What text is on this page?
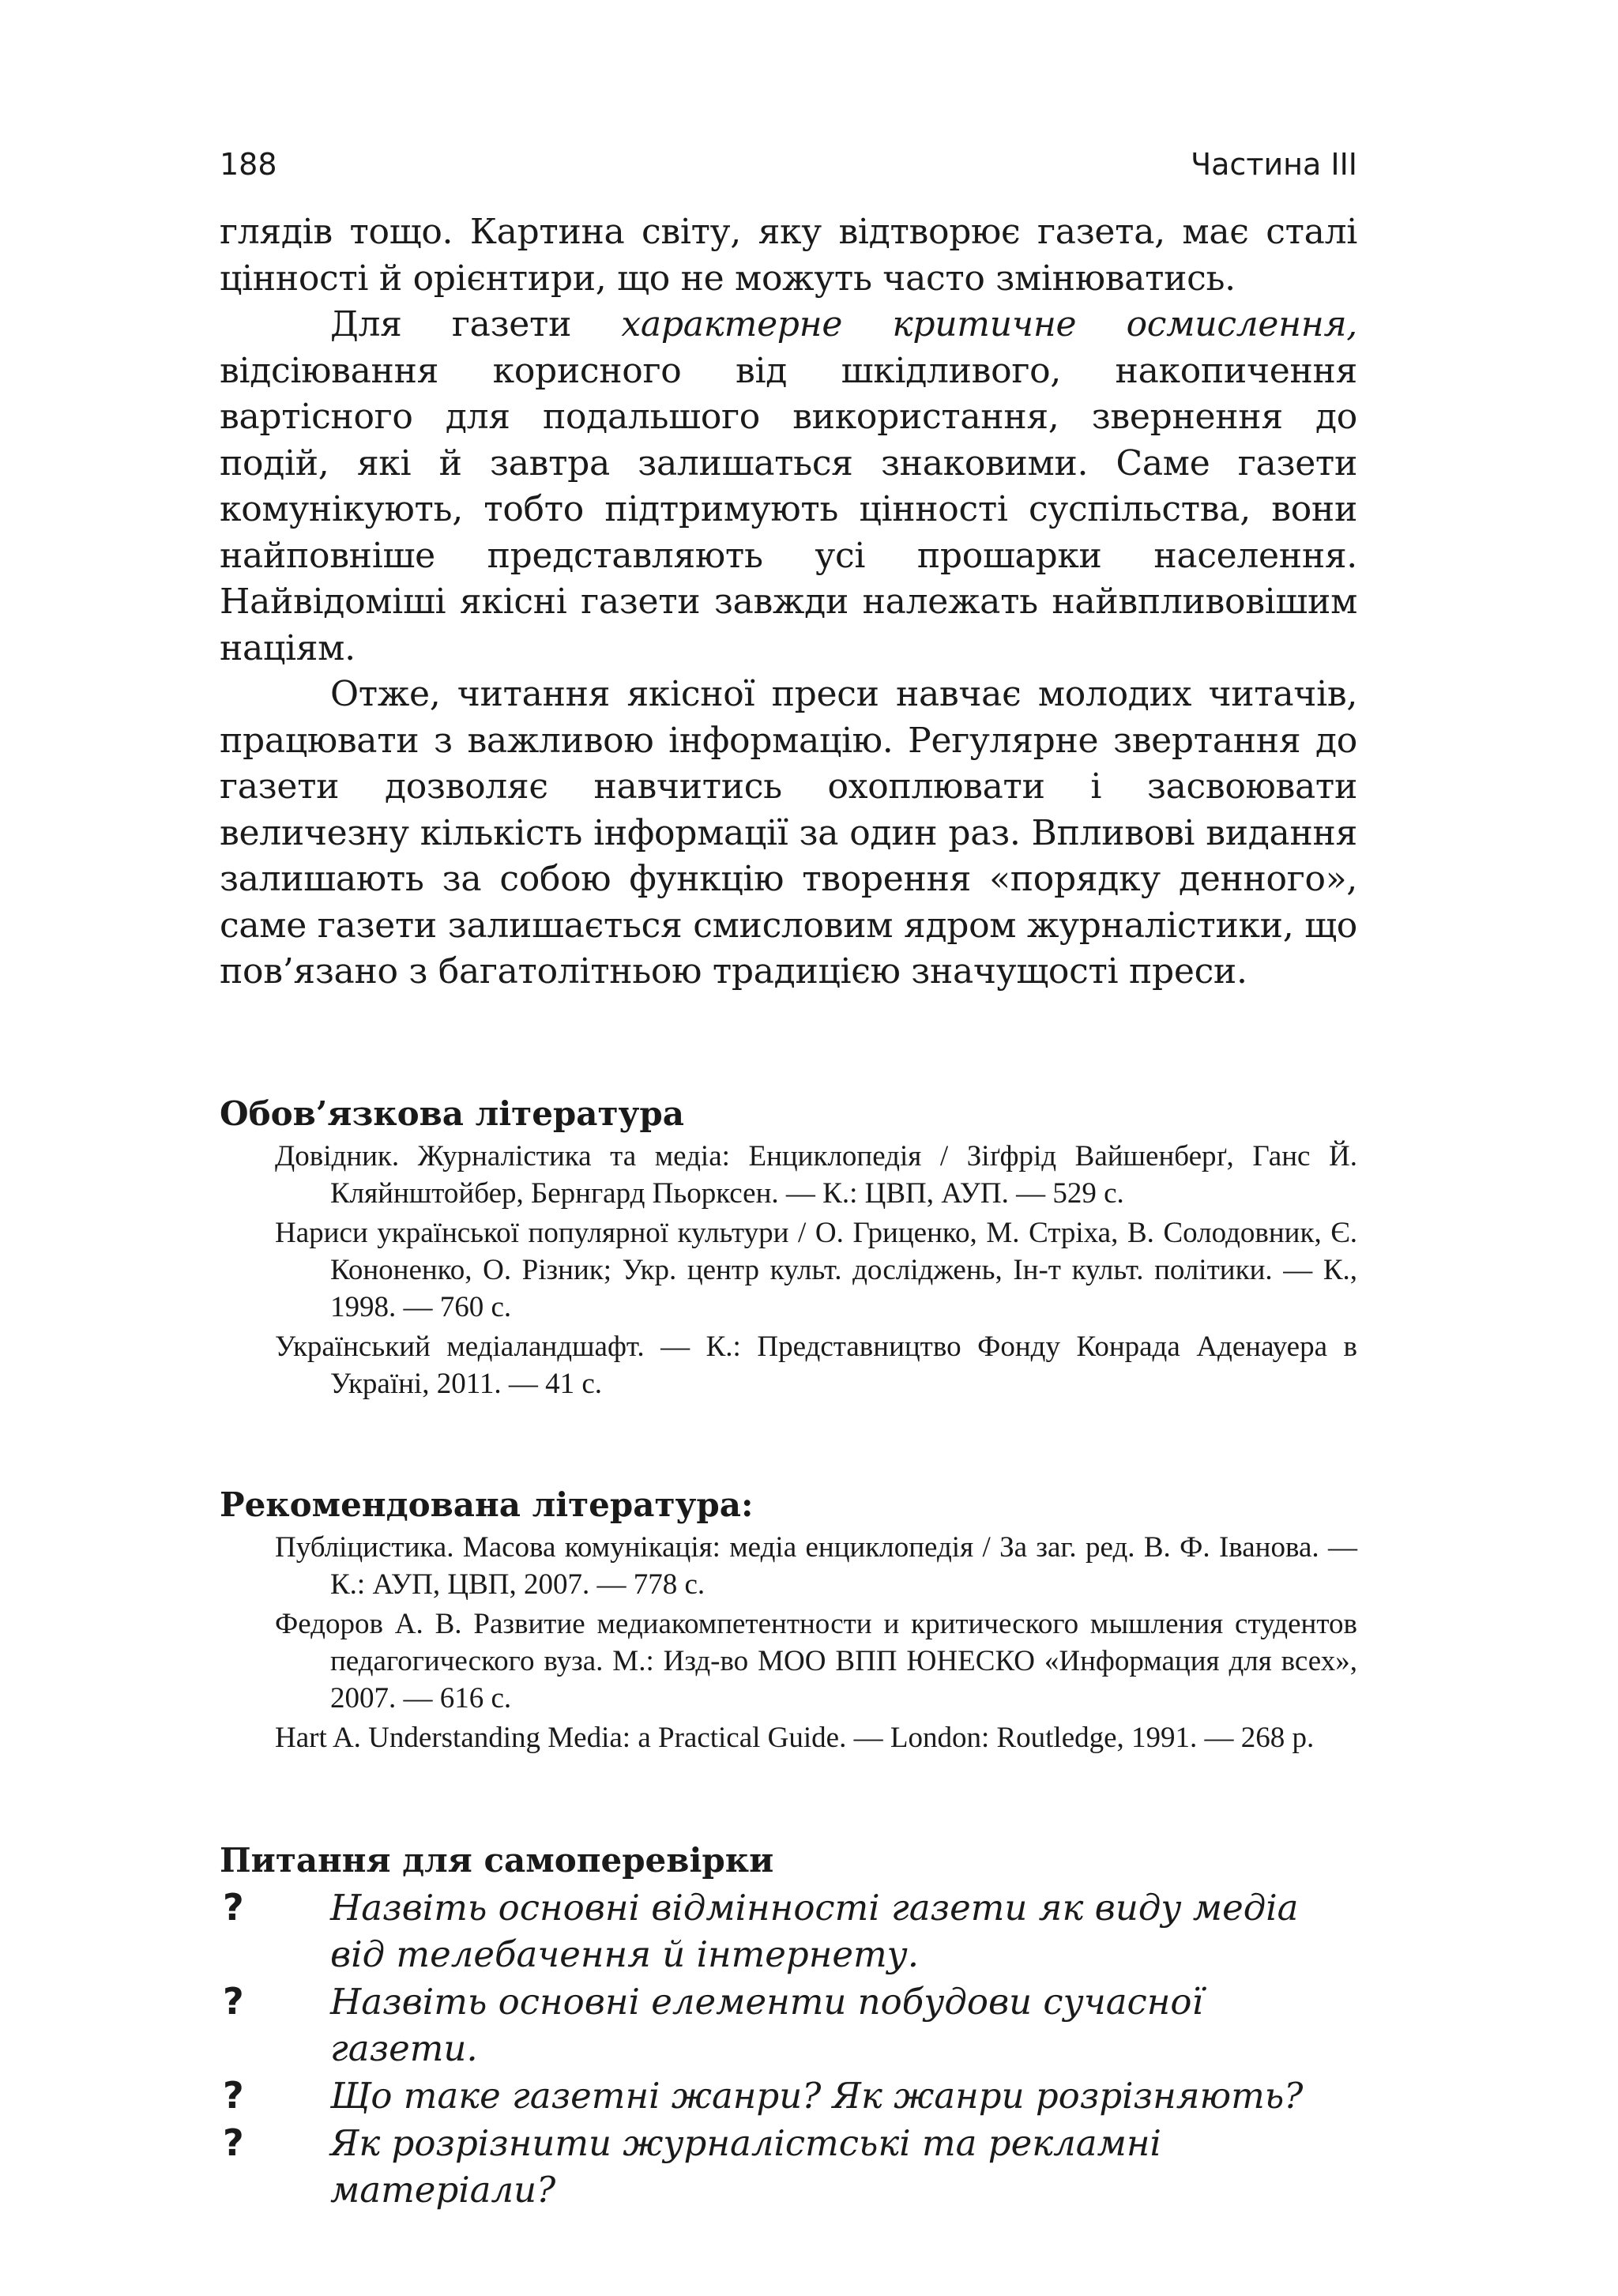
188	Частина III

глядів тощо. Картина світу, яку відтворює газета, має сталі цінності й орієнтири, що не можуть часто змінюватись.

Для газети характерне критичне осмислення, відсіювання корисного від шкідливого, накопичення вартісного для подальшого використання, звернення до подій, які й завтра залишаться знаковими. Саме газети комунікують, тобто підтримують цінності суспільства, вони найповніше представляють усі прошарки населення. Найвідоміші якісні газети завжди належать найвпливовішим націям.

Отже, читання якісної преси навчає молодих читачів, працювати з важливою інформацію. Регулярне звертання до газети дозволяє навчитись охоплювати і засвоювати величезну кількість інформації за один раз. Впливові видання залишають за собою функцію творення «порядку денного», саме газети залишається смисловим ядром журналістики, що пов’язано з багатолітньою традицією значущості преси.

Обов’язкова література

Довідник. Журналістика та медіа: Енциклопедія / Зіґфрід Вайшенберґ, Ганс Й. Кляйнштойбер, Бернгард Пьорксен. — К.: ЦВП, АУП. — 529 с.

Нариси української популярної культури / О. Гриценко, М. Стріха, В. Солодовник, Є. Кононенко, О. Різник; Укр. центр культ. досліджень, Ін-т культ. політики. — К., 1998. — 760 с.

Український медіаландшафт. — К.: Представництво Фонду Конрада Аденауера в Україні, 2011. — 41 с.

Рекомендована література:

Публіцистика. Масова комунікація: медіа енциклопедія / За заг. ред. В. Ф. Іванова. — К.: АУП, ЦВП, 2007. — 778 с.

Федоров А. В. Развитие медиакомпетентности и критического мышления студентов педагогического вуза. М.: Изд-во МОО ВПП ЮНЕСКО «Информация для всех», 2007. — 616 с.

Hart A. Understanding Media: a Practical Guide. — London: Routledge, 1991. — 268 p.

Питання для самоперевірки
? Назвіть основні відмінності газети як виду медіа від телебачення й інтернету.
? Назвіть основні елементи побудови сучасної газети.
? Що таке газетні жанри? Як жанри розрізняють?
? Як розрізнити журналістські та рекламні матеріали?
